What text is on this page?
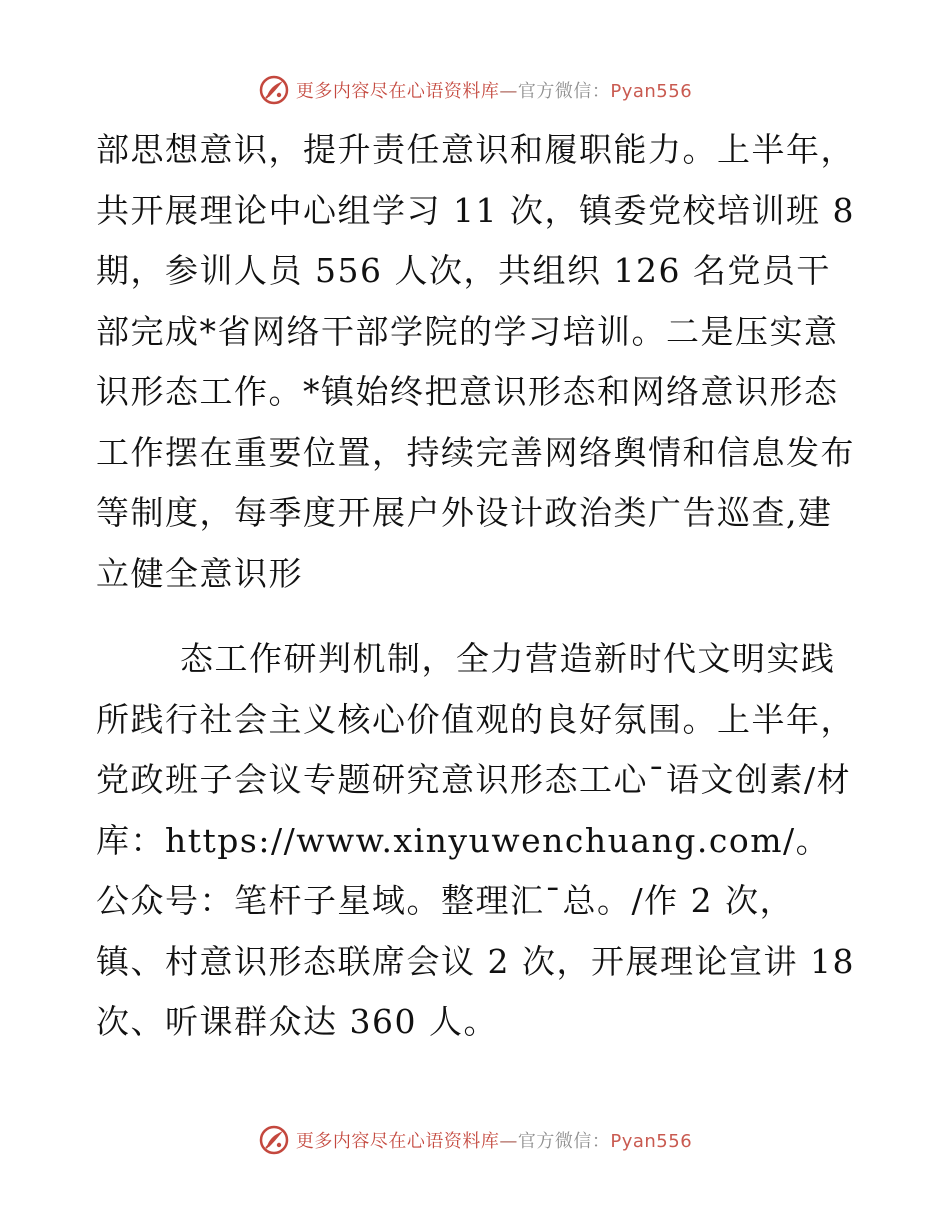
更多内容尽在心语资料库—官方微信：Pyan556

部思想意识，提升责任意识和履职能力。上半年，共开展理论中心组学习 11 次，镇委党校培训班 8 期，参训人员 556 人次，共组织 126 名党员干部完成*省网络干部学院的学习培训。二是压实意识形态工作。*镇始终把意识形态和网络意识形态工作摆在重要位置，持续完善网络舆情和信息发布等制度，每季度开展户外设计政治类广告巡查,建立健全意识形

态工作研判机制，全力营造新时代文明实践所践行社会主义核心价值观的良好氛围。上半年，党政班子会议专题研究意识形态工心¯语文创素/材库：https://www.xinyuwenchuang.com/。公众号：笔杆子星域。整理汇¯总。/作 2 次，镇、村意识形态联席会议 2 次，开展理论宣讲 18 次、听课群众达 360 人。

更多内容尽在心语资料库—官方微信：Pyan556
